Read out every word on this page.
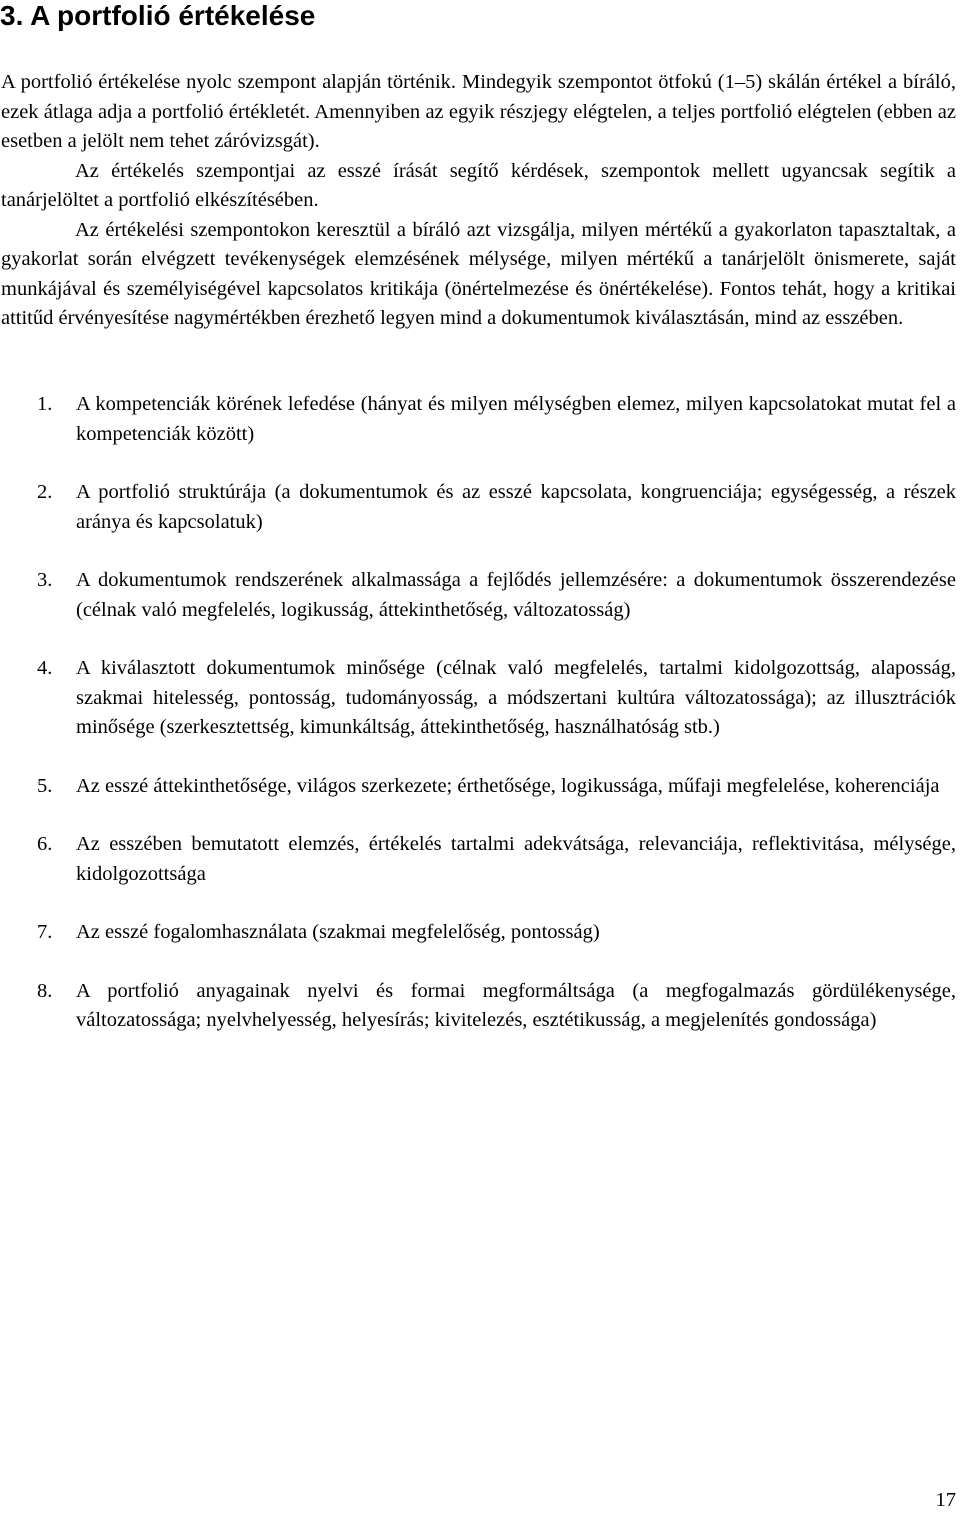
3. A portfolió értékelése

A portfolió értékelése nyolc szempont alapján történik. Mindegyik szempontot ötfokú (1–5) skálán értékel a bíráló, ezek átlaga adja a portfolió értékletét. Amennyiben az egyik részjegy elégtelen, a teljes portfolió elégtelen (ebben az esetben a jelölt nem tehet záróvizsgát).

Az értékelés szempontjai az esszé írását segítő kérdések, szempontok mellett ugyancsak segítik a tanárjelöltet a portfolió elkészítésében.

Az értékelési szempontokon keresztül a bíráló azt vizsgálja, milyen mértékű a gyakorlaton tapasztaltak, a gyakorlat során elvégzett tevékenységek elemzésének mélysége, milyen mértékű a tanárjelölt önismerete, saját munkájával és személyiségével kapcsolatos kritikája (önértelmezése és önértékelése). Fontos tehát, hogy a kritikai attitűd érvényesítése nagymértékben érezhető legyen mind a dokumentumok kiválasztásán, mind az esszében.

1. A kompetenciák körének lefedése (hányat és milyen mélységben elemez, milyen kapcsolatokat mutat fel a kompetenciák között)
2. A portfolió struktúrája (a dokumentumok és az esszé kapcsolata, kongruenciája; egységesség, a részek aránya és kapcsolatuk)
3. A dokumentumok rendszerének alkalmassága a fejlődés jellemzésére: a dokumentumok összerendezése (célnak való megfelelés, logikusság, áttekinthetőség, változatosság)
4. A kiválasztott dokumentumok minősége (célnak való megfelelés, tartalmi kidolgozottság, alaposság, szakmai hitelesség, pontosság, tudományosság, a módszertani kultúra változatossága); az illusztrációk minősége (szerkesztettség, kimunkáltság, áttekinthetőség, használhatóság stb.)
5. Az esszé áttekinthetősége, világos szerkezete; érthetősége, logikussága, műfaji megfelelése, koherenciája
6. Az esszében bemutatott elemzés, értékelés tartalmi adekvátsága, relevanciája, reflektivitása, mélysége, kidolgozottsága
7. Az esszé fogalomhasználata (szakmai megfelelőség, pontosság)
8. A portfolió anyagainak nyelvi és formai megformáltsága (a megfogalmazás gördülékenysége, változatossága; nyelvhelyesség, helyesírás; kivitelezés, esztétikusság, a megjelenítés gondossága)
17
